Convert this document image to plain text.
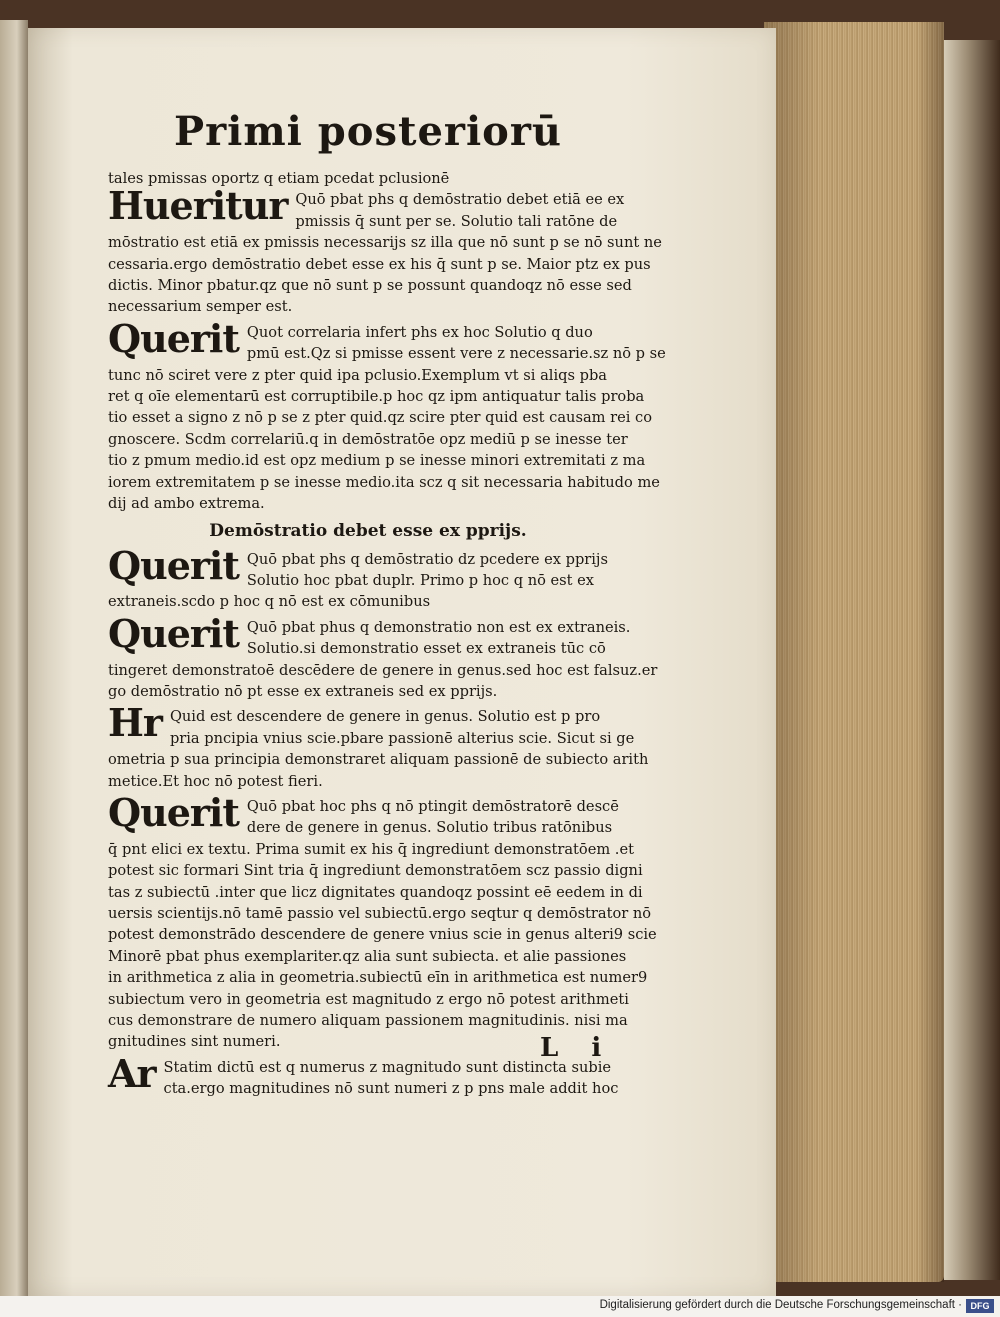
Primi posteriorū
tales pmissas oportz q etiam pcedat pclusionē
Hueritur Quō pbat phs q demōstratio debet etiā ee ex
pmissis q̄ sunt per se. Solutio tali ratōne de
mōstratio est etiā ex pmissis necessarijs sz illa que nō sunt p se nō sunt ne
cessaria.ergo demōstratio debet esse ex his q̄ sunt p se. Maior ptz ex pus
dictis. Minor pbatur.qz que nō sunt p se possunt quandoqz nō esse sed
necessarium semper est.
Querit Quot correlaria infert phs ex hoc Solutio q duo
pmū est.Qz si pmisse essent vere z necessarie.sz nō p se
tunc nō sciret vere z pter quid ipa pclusio.Exemplum vt si aliqs pba
ret q oīe elementarū est corruptibile.p hoc qz ipm antiquatur talis proba
tio esset a signo z nō p se z pter quid.qz scire pter quid est causam rei co
gnoscere. Scdm correlariū.q in demōstratōe opz mediū p se inesse ter
tio z pmum medio.id est opz medium p se inesse minori extremitati z ma
iorem extremitatem p se inesse medio.ita scz q sit necessaria habitudo me
dij ad ambo extrema.
Demōstratio debet esse ex pprijs.
Querit Quō pbat phs q demōstratio dz pcedere ex pprijs
Solutio hoc pbat duplr. Primo p hoc q nō est ex
extraneis.scdo p hoc q nō est ex cōmunibus
Querit Quō pbat phus q demonstratio non est ex extraneis.
Solutio.si demonstratio esset ex extraneis tūc cō
tingeret demonstratoē descēdere de genere in genus.sed hoc est falsuz.er
go demōstratio nō pt esse ex extraneis sed ex pprijs.
Hr Quid est descendere de genere in genus. Solutio est p pro
pria pncipia vnius scie.pbare passionē alterius scie. Sicut si ge
ometria p sua principia demonstraret aliquam passionē de subiecto arith
metice.Et hoc nō potest fieri.
Querit Quō pbat hoc phs q nō ptingit demōstratorē descē
dere de genere in genus. Solutio tribus ratōnibus
q̄ pnt elici ex textu. Prima sumit ex his q̄ ingrediunt demonstratōem .et
potest sic formari Sint tria q̄ ingrediunt demonstratōem scz passio digni
tas z subiectū .inter que licz dignitates quandoqz possint eē eedem in di
uersis scientijs.nō tamē passio vel subiectū.ergo seqtur q demōstrator nō
potest demonstrādo descendere de genere vnius scie in genus alteri9 scie
Minorē pbat phus exemplariter.qz alia sunt subiecta. et alie passiones
in arithmetica z alia in geometria.subiectū eīn in arithmetica est numer9
subiectum vero in geometria est magnitudo z ergo nō potest arithmeti
cus demonstrare de numero aliquam passionem magnitudinis. nisi ma
gnitudines sint numeri.
Ar Statim dictū est q numerus z magnitudo sunt distincta subie
cta.ergo magnitudines nō sunt numeri z p pns male addit hoc
L i
Digitalisierung gefördert durch die Deutsche Forschungsgemeinschaft · DFG
